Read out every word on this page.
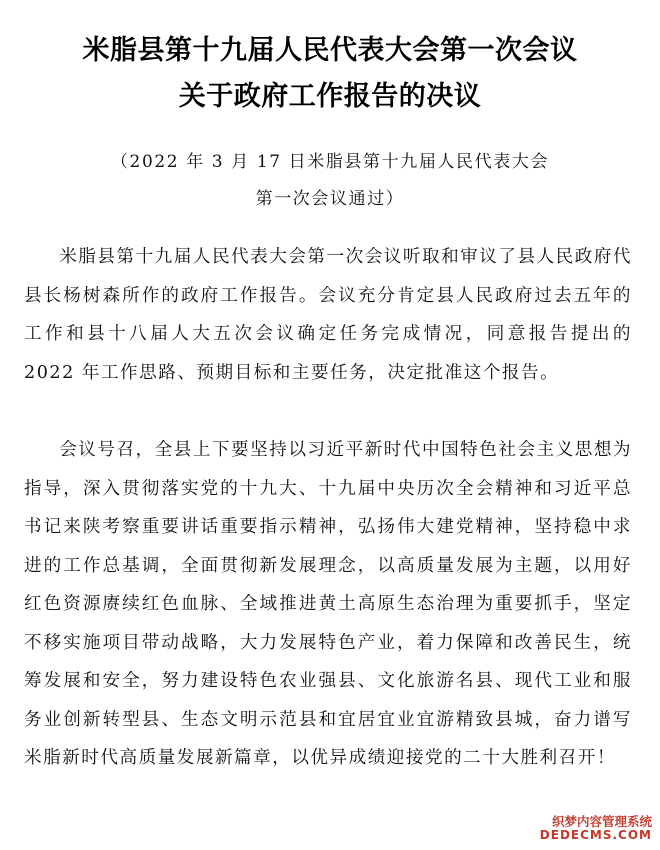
米脂县第十九届人民代表大会第一次会议
关于政府工作报告的决议
（2022 年 3 月 17 日米脂县第十九届人民代表大会
第一次会议通过）

米脂县第十九届人民代表大会第一次会议听取和审议了县人民政府代县长杨树森所作的政府工作报告。会议充分肯定县人民政府过去五年的工作和县十八届人大五次会议确定任务完成情况，同意报告提出的 2022 年工作思路、预期目标和主要任务，决定批准这个报告。

会议号召，全县上下要坚持以习近平新时代中国特色社会主义思想为指导，深入贯彻落实党的十九大、十九届中央历次全会精神和习近平总书记来陕考察重要讲话重要指示精神，弘扬伟大建党精神，坚持稳中求进的工作总基调，全面贯彻新发展理念，以高质量发展为主题，以用好红色资源赓续红色血脉、全域推进黄土高原生态治理为重要抓手，坚定不移实施项目带动战略，大力发展特色产业，着力保障和改善民生，统筹发展和安全，努力建设特色农业强县、文化旅游名县、现代工业和服务业创新转型县、生态文明示范县和宜居宜业宜游精致县城，奋力谱写米脂新时代高质量发展新篇章，以优异成绩迎接党的二十大胜利召开！

织梦内容管理系统
DEDECMS.COM
